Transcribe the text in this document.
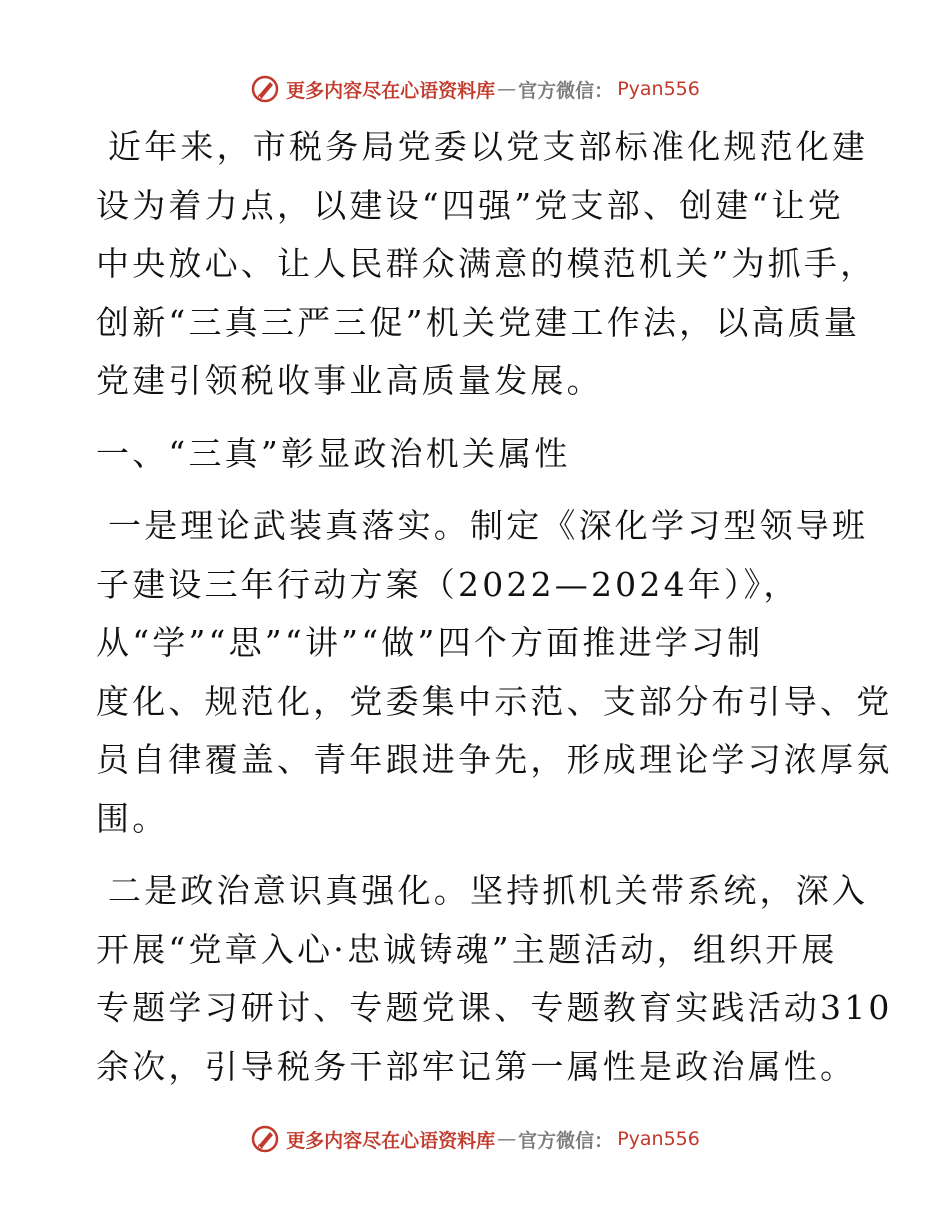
更多内容尽在心语资料库 — 官方微信： Pyan556

近年来，市税务局党委以党支部标准化规范化建
设为着力点，以建设“四强”党支部、创建“让党
中央放心、让人民群众满意的模范机关”为抓手，
创新“三真三严三促”机关党建工作法，以高质量
党建引领税收事业高质量发展。

一、“三真”彰显政治机关属性

一是理论武装真落实。制定《深化学习型领导班
子建设三年行动方案（2022—2024年）》，
从“学”“思”“讲”“做”四个方面推进学习制
度化、规范化，党委集中示范、支部分布引导、党
员自律覆盖、青年跟进争先，形成理论学习浓厚氛
围。

二是政治意识真强化。坚持抓机关带系统，深入
开展“党章入心·忠诚铸魂”主题活动，组织开展
专题学习研讨、专题党课、专题教育实践活动310
余次，引导税务干部牢记第一属性是政治属性。

更多内容尽在心语资料库 — 官方微信： Pyan556
